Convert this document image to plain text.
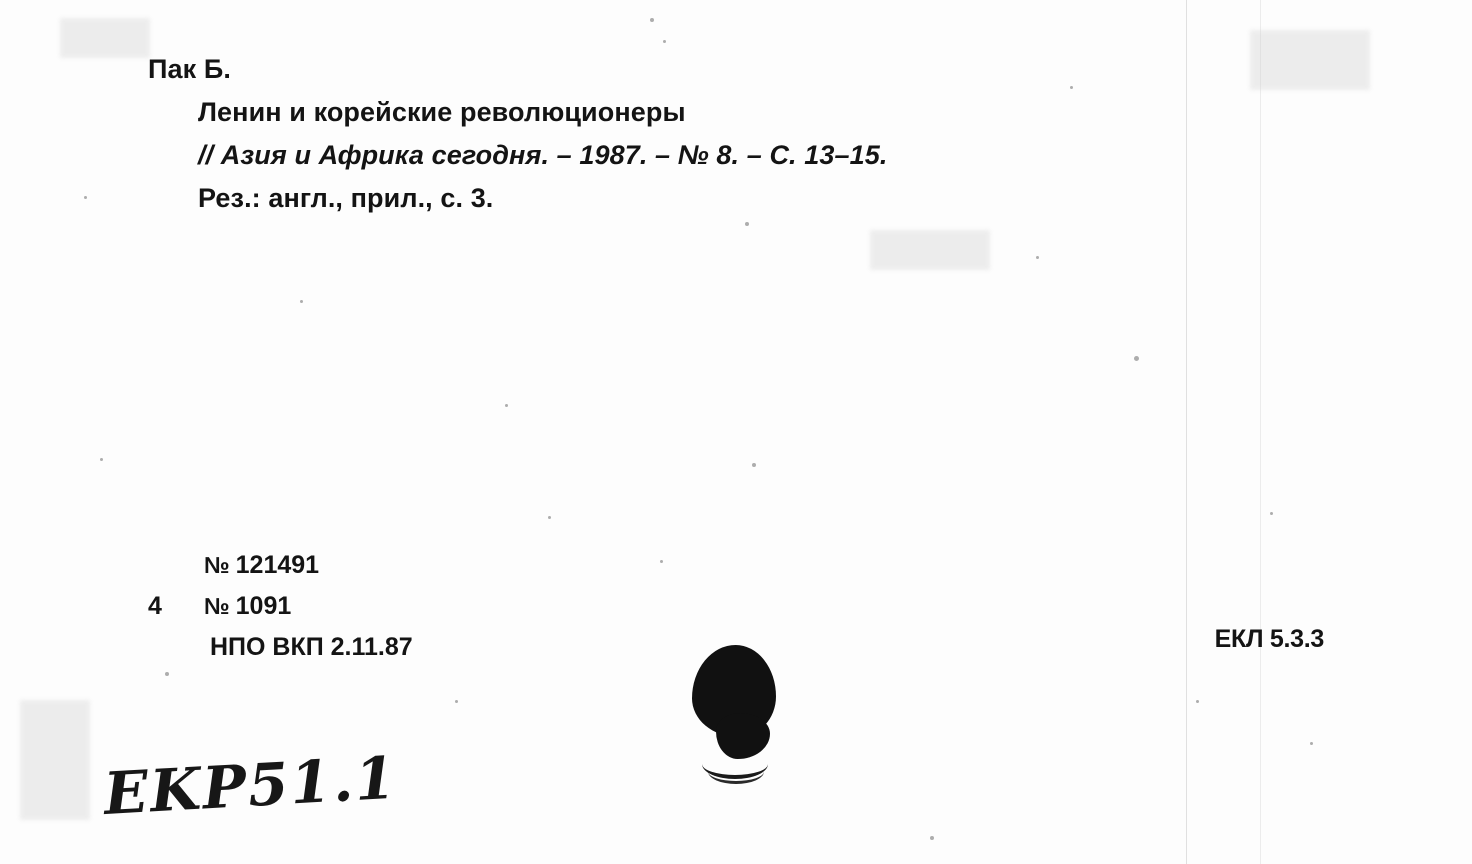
Пак Б.
Ленин и корейские революционеры
// Азия и Африка сегодня. – 1987. – № 8. – С. 13–15.
Рез.: англ., прил., с. 3.
№ 121491
4	№ 1091
НПО ВКП 2.11.87	ЕКЛ 5.3.3
EKP51.1
